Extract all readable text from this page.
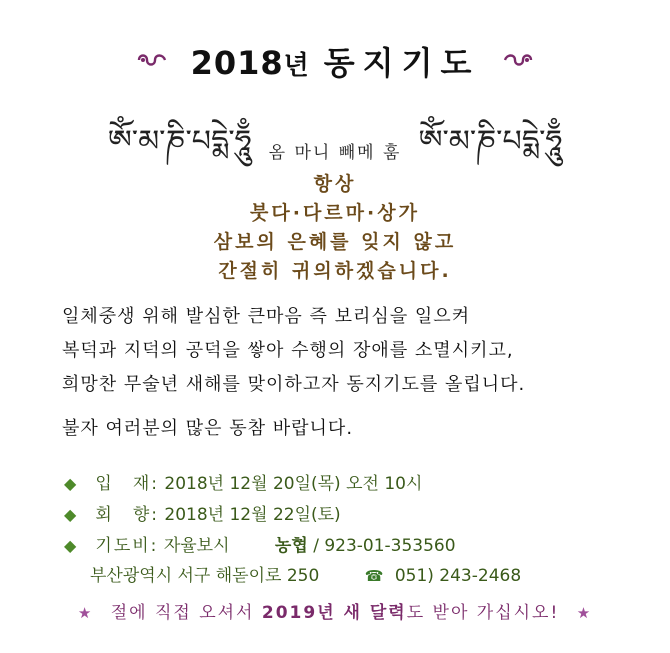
2018년 동지기도
ༀ་མ་ཎི་པདྨེ་ཧཱུྃ 옴 마니 빼메 훔 ༀ་མ་ཎི་པདྨེ་ཧཱུྃ
항상
붓다·다르마·상가
삼보의 은혜를 잊지 않고
간절히 귀의하겠습니다.
일체중생 위해 발심한 큰마음 즉 보리심을 일으켜
복덕과 지덕의 공덕을 쌓아 수행의 장애를 소멸시키고,
희망찬 무술년 새해를 맞이하고자 동지기도를 올립니다.
불자 여러분의 많은 동참 바랍니다.
◆ 입　재: 2018년 12월 20일(목) 오전 10시
◆ 회　향: 2018년 12월 22일(토)
◆ 기도비: 자율보시	농협 / 923-01-353560
부산광역시 서구 해돋이로 250	☎ 051) 243-2468
★ 절에 직접 오셔서 2019년 새 달력도 받아 가십시오! ★
